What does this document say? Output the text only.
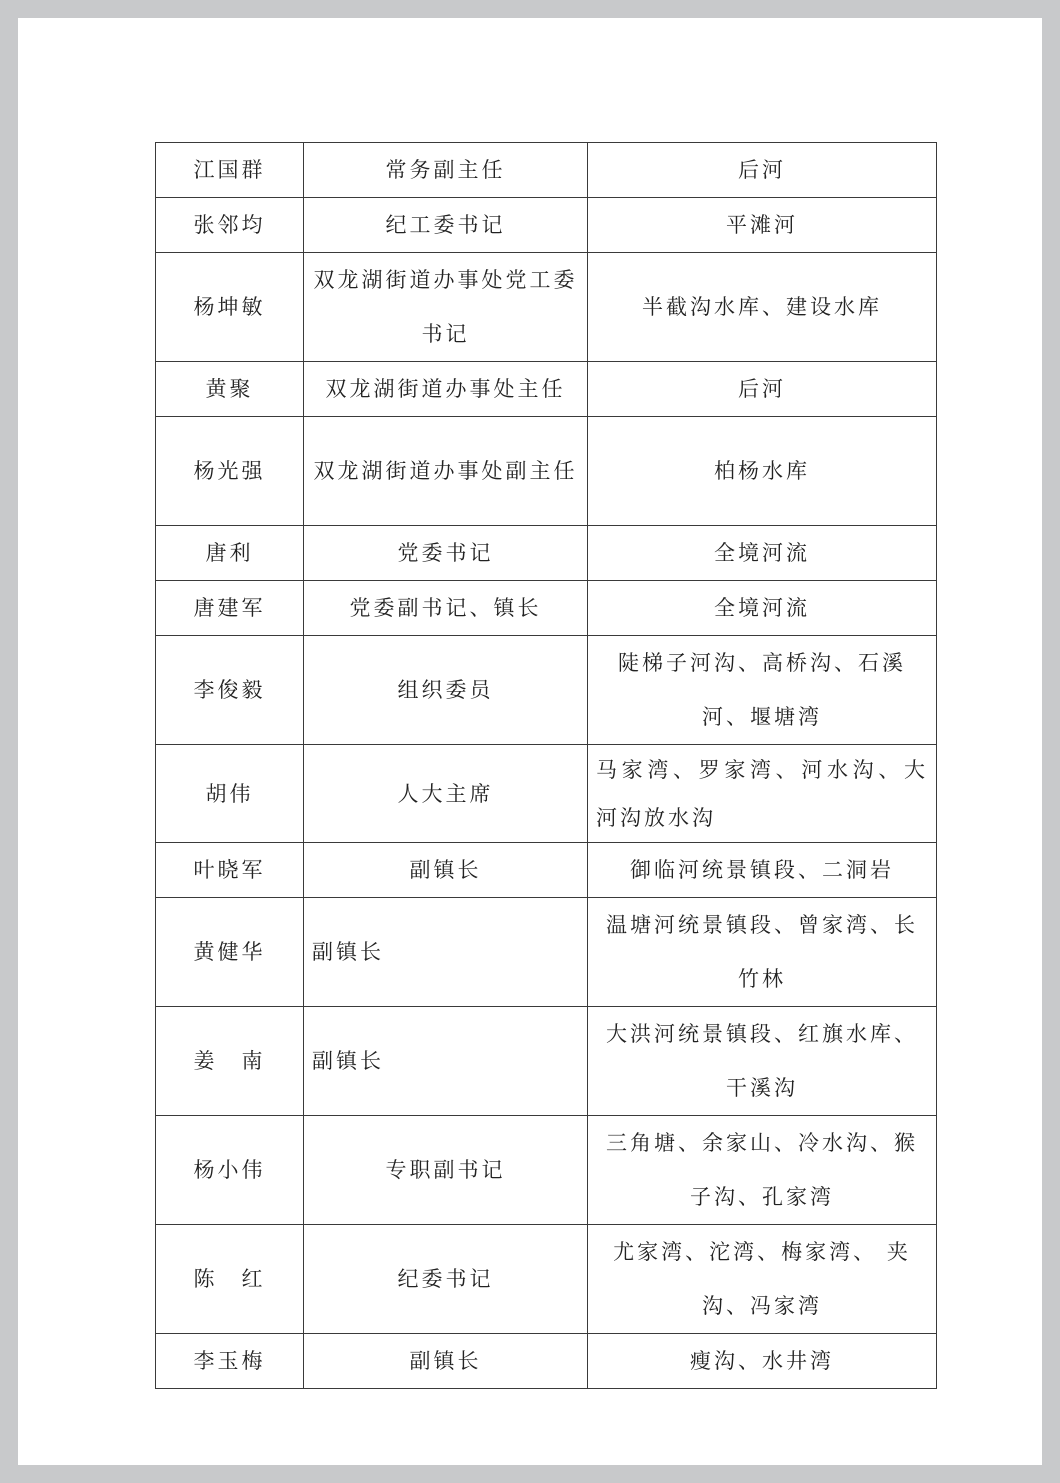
江国群	常务副主任	后河
张邻均	纪工委书记	平滩河
杨坤敏	双龙湖街道办事处党工委书记	半截沟水库、建设水库
黄聚	双龙湖街道办事处主任	后河
杨光强	双龙湖街道办事处副主任	柏杨水库
唐利	党委书记	全境河流
唐建军	党委副书记、镇长	全境河流
李俊毅	组织委员	陡梯子河沟、高桥沟、石溪河、堰塘湾
胡伟	人大主席	马家湾、罗家湾、河水沟、大河沟放水沟
叶晓军	副镇长	御临河统景镇段、二洞岩
黄健华	副镇长	温塘河统景镇段、曾家湾、长竹林
姜　南	副镇长	大洪河统景镇段、红旗水库、干溪沟
杨小伟	专职副书记	三角塘、余家山、冷水沟、猴子沟、孔家湾
陈　红	纪委书记	尤家湾、沱湾、梅家湾、 夹沟、冯家湾
李玉梅	副镇长	瘦沟、水井湾
